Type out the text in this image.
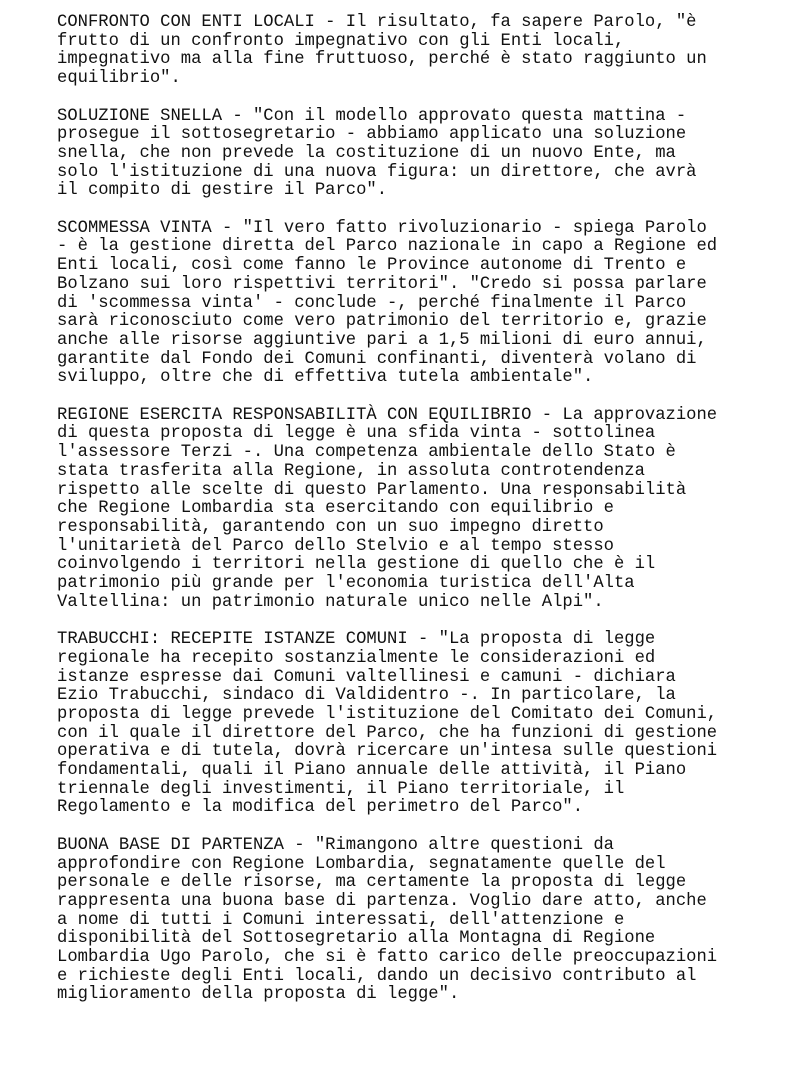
CONFRONTO CON ENTI LOCALI - Il risultato, fa sapere Parolo, "è
frutto di un confronto impegnativo con gli Enti locali,
impegnativo ma alla fine fruttuoso, perché è stato raggiunto un
equilibrio".

SOLUZIONE SNELLA - "Con il modello approvato questa mattina -
prosegue il sottosegretario - abbiamo applicato una soluzione
snella, che non prevede la costituzione di un nuovo Ente, ma
solo l'istituzione di una nuova figura: un direttore, che avrà
il compito di gestire il Parco".

SCOMMESSA VINTA - "Il vero fatto rivoluzionario - spiega Parolo
- è la gestione diretta del Parco nazionale in capo a Regione ed
Enti locali, così come fanno le Province autonome di Trento e
Bolzano sui loro rispettivi territori". "Credo si possa parlare
di 'scommessa vinta' - conclude -, perché finalmente il Parco
sarà riconosciuto come vero patrimonio del territorio e, grazie
anche alle risorse aggiuntive pari a 1,5 milioni di euro annui,
garantite dal Fondo dei Comuni confinanti, diventerà volano di
sviluppo, oltre che di effettiva tutela ambientale".

REGIONE ESERCITA RESPONSABILITÀ CON EQUILIBRIO - La approvazione
di questa proposta di legge è una sfida vinta - sottolinea
l'assessore Terzi -. Una competenza ambientale dello Stato è
stata trasferita alla Regione, in assoluta controtendenza
rispetto alle scelte di questo Parlamento. Una responsabilità
che Regione Lombardia sta esercitando con equilibrio e
responsabilità, garantendo con un suo impegno diretto
l'unitarietà del Parco dello Stelvio e al tempo stesso
coinvolgendo i territori nella gestione di quello che è il
patrimonio più grande per l'economia turistica dell'Alta
Valtellina: un patrimonio naturale unico nelle Alpi".

TRABUCCHI: RECEPITE ISTANZE COMUNI - "La proposta di legge
regionale ha recepito sostanzialmente le considerazioni ed
istanze espresse dai Comuni valtellinesi e camuni - dichiara
Ezio Trabucchi, sindaco di Valdidentro -. In particolare, la
proposta di legge prevede l'istituzione del Comitato dei Comuni,
con il quale il direttore del Parco, che ha funzioni di gestione
operativa e di tutela, dovrà ricercare un'intesa sulle questioni
fondamentali, quali il Piano annuale delle attività, il Piano
triennale degli investimenti, il Piano territoriale, il
Regolamento e la modifica del perimetro del Parco".

BUONA BASE DI PARTENZA - "Rimangono altre questioni da
approfondire con Regione Lombardia, segnatamente quelle del
personale e delle risorse, ma certamente la proposta di legge
rappresenta una buona base di partenza. Voglio dare atto, anche
a nome di tutti i Comuni interessati, dell'attenzione e
disponibilità del Sottosegretario alla Montagna di Regione
Lombardia Ugo Parolo, che si è fatto carico delle preoccupazioni
e richieste degli Enti locali, dando un decisivo contributo al
miglioramento della proposta di legge".
